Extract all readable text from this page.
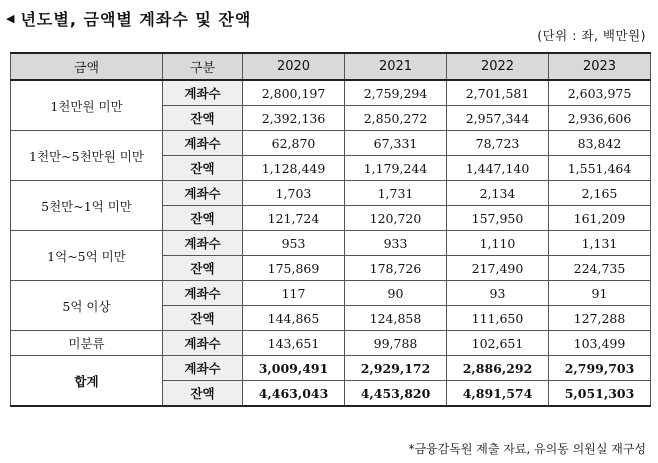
◀ 년도별, 금액별 계좌수 및 잔액
(단위 : 좌, 백만원)
금액	구분	2020	2021	2022	2023
1천만원 미만	계좌수	2,800,197	2,759,294	2,701,581	2,603,975
	잔액	2,392,136	2,850,272	2,957,344	2,936,606
1천만~5천만원 미만	계좌수	62,870	67,331	78,723	83,842
	잔액	1,128,449	1,179,244	1,447,140	1,551,464
5천만~1억 미만	계좌수	1,703	1,731	2,134	2,165
	잔액	121,724	120,720	157,950	161,209
1억~5억 미만	계좌수	953	933	1,110	1,131
	잔액	175,869	178,726	217,490	224,735
5억 이상	계좌수	117	90	93	91
	잔액	144,865	124,858	111,650	127,288
미분류	계좌수	143,651	99,788	102,651	103,499
합계	계좌수	3,009,491	2,929,172	2,886,292	2,799,703
	잔액	4,463,043	4,453,820	4,891,574	5,051,303
*금융감독원 제출 자료, 유의동 의원실 재구성
